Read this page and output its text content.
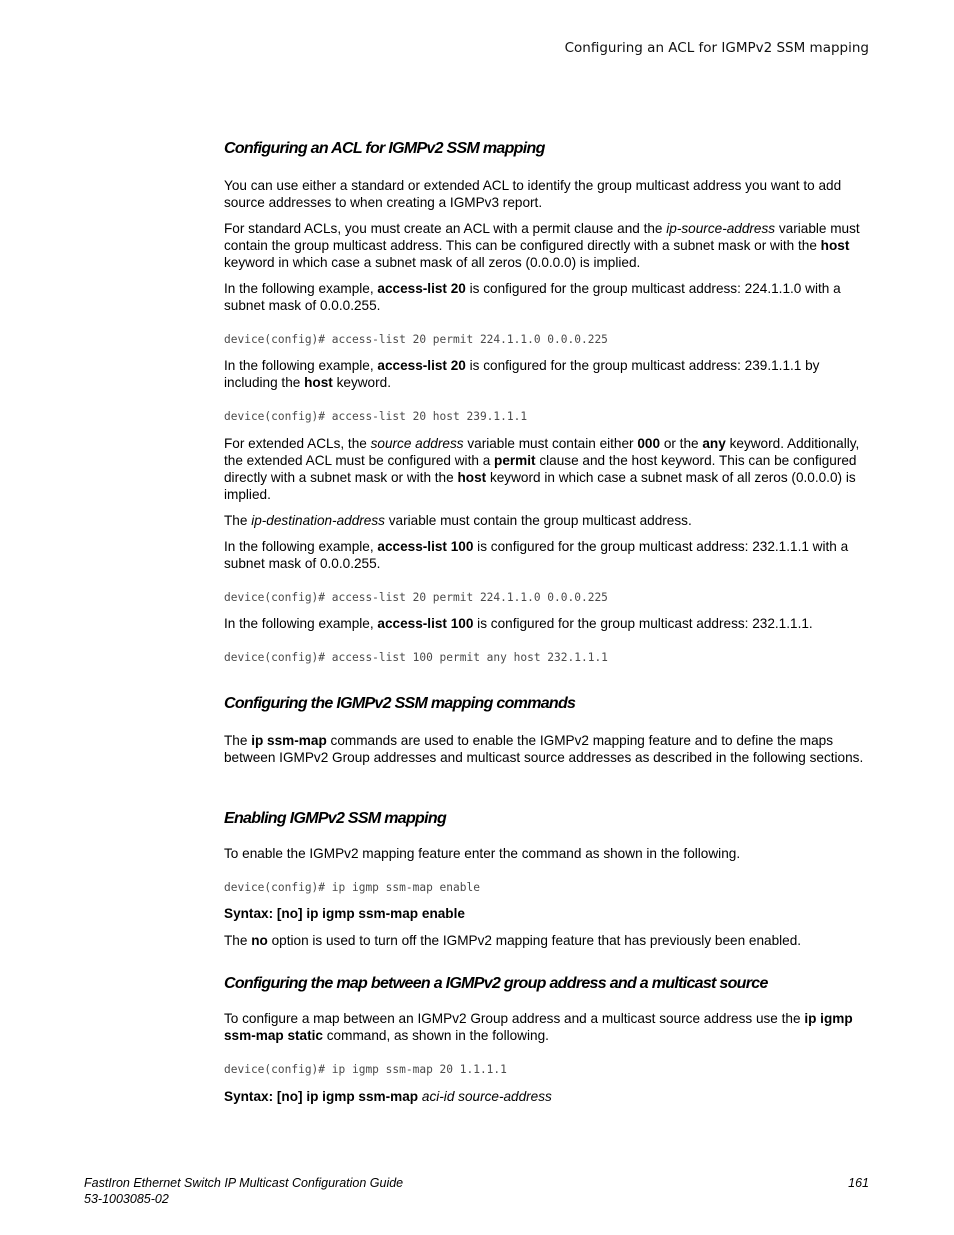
Configuring an ACL for IGMPv2 SSM mapping
Configuring an ACL for IGMPv2 SSM mapping

You can use either a standard or extended ACL to identify the group multicast address you want to add source addresses to when creating a IGMPv3 report.

For standard ACLs, you must create an ACL with a permit clause and the ip-source-address variable must contain the group multicast address. This can be configured directly with a subnet mask or with the host keyword in which case a subnet mask of all zeros (0.0.0.0) is implied.

In the following example, access-list 20 is configured for the group multicast address: 224.1.1.0 with a subnet mask of 0.0.0.255.

device(config)# access-list 20 permit 224.1.1.0 0.0.0.225

In the following example, access-list 20 is configured for the group multicast address: 239.1.1.1 by including the host keyword.

device(config)# access-list 20 host 239.1.1.1

For extended ACLs, the source address variable must contain either 000 or the any keyword. Additionally, the extended ACL must be configured with a permit clause and the host keyword. This can be configured directly with a subnet mask or with the host keyword in which case a subnet mask of all zeros (0.0.0.0) is implied.

The ip-destination-address variable must contain the group multicast address.

In the following example, access-list 100 is configured for the group multicast address: 232.1.1.1 with a subnet mask of 0.0.0.255.

device(config)# access-list 20 permit 224.1.1.0 0.0.0.225

In the following example, access-list 100 is configured for the group multicast address: 232.1.1.1.

device(config)# access-list 100 permit any host 232.1.1.1
Configuring the IGMPv2 SSM mapping commands

The ip ssm-map commands are used to enable the IGMPv2 mapping feature and to define the maps between IGMPv2 Group addresses and multicast source addresses as described in the following sections.

Enabling IGMPv2 SSM mapping

To enable the IGMPv2 mapping feature enter the command as shown in the following.

device(config)# ip igmp ssm-map enable

Syntax: [no] ip igmp ssm-map enable

The no option is used to turn off the IGMPv2 mapping feature that has previously been enabled.

Configuring the map between a IGMPv2 group address and a multicast source

To configure a map between an IGMPv2 Group address and a multicast source address use the ip igmp ssm-map static command, as shown in the following.

device(config)# ip igmp ssm-map 20 1.1.1.1

Syntax: [no] ip igmp ssm-map aci-id source-address

FastIron Ethernet Switch IP Multicast Configuration Guide
53-1003085-02
161
